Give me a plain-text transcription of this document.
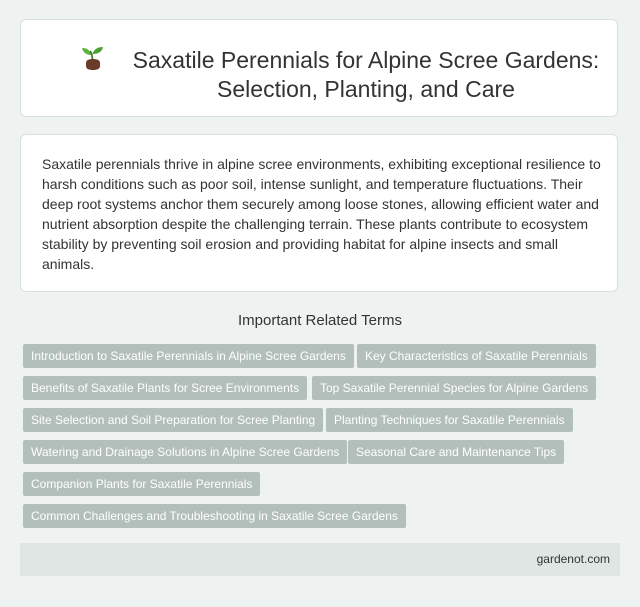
Saxatile Perennials for Alpine Scree Gardens: Selection, Planting, and Care

Saxatile perennials thrive in alpine scree environments, exhibiting exceptional resilience to harsh conditions such as poor soil, intense sunlight, and temperature fluctuations. Their deep root systems anchor them securely among loose stones, allowing efficient water and nutrient absorption despite the challenging terrain. These plants contribute to ecosystem stability by preventing soil erosion and providing habitat for alpine insects and small animals.

Important Related Terms
Introduction to Saxatile Perennials in Alpine Scree Gardens	Key Characteristics of Saxatile Perennials
Benefits of Saxatile Plants for Scree Environments	Top Saxatile Perennial Species for Alpine Gardens
Site Selection and Soil Preparation for Scree Planting	Planting Techniques for Saxatile Perennials
Watering and Drainage Solutions in Alpine Scree Gardens	Seasonal Care and Maintenance Tips
Companion Plants for Saxatile Perennials
Common Challenges and Troubleshooting in Saxatile Scree Gardens
gardenot.com
